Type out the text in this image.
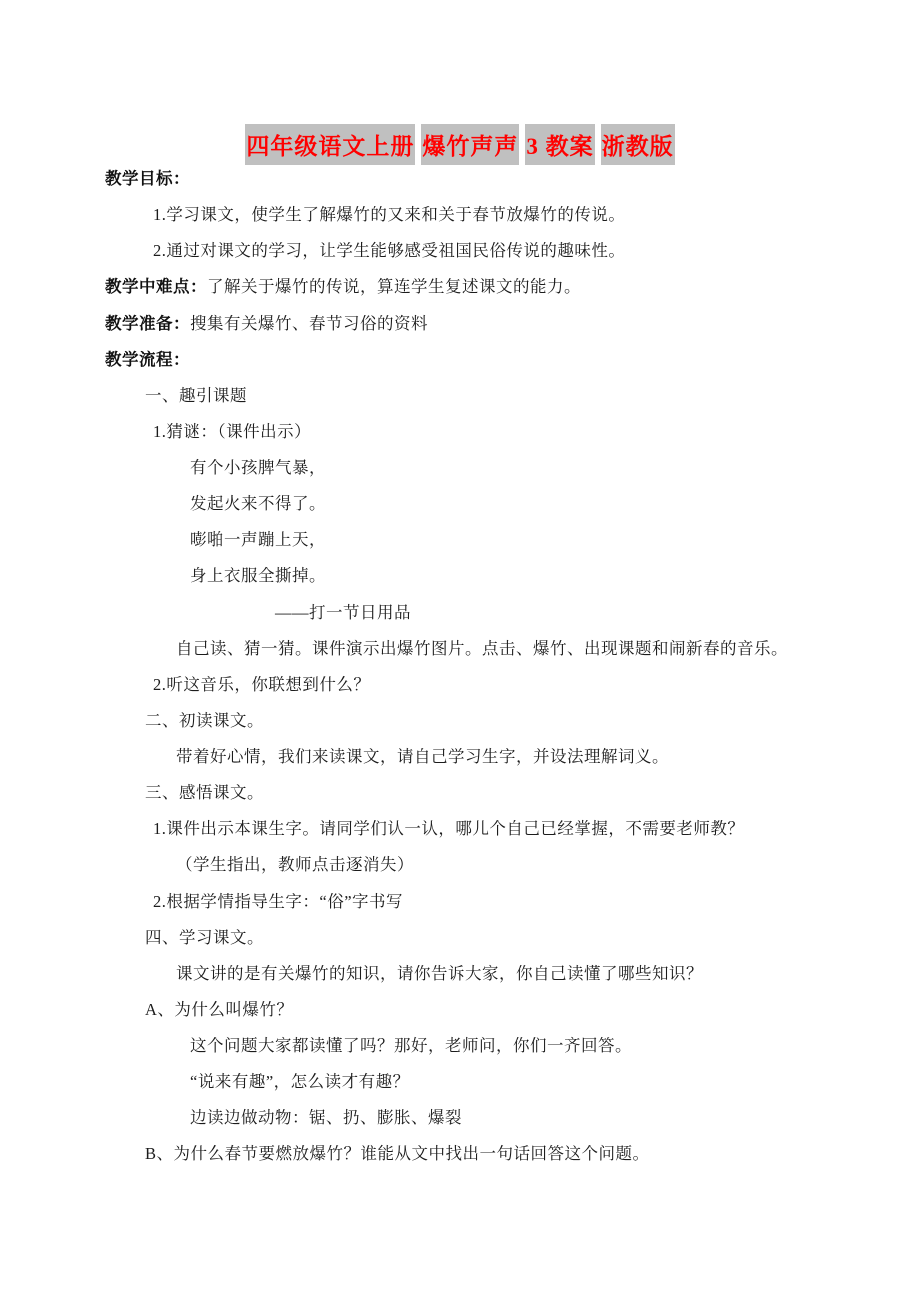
四年级语文上册 爆竹声声 3 教案 浙教版
教学目标：
1.学习课文，使学生了解爆竹的又来和关于春节放爆竹的传说。
2.通过对课文的学习，让学生能够感受祖国民俗传说的趣味性。
教学中难点：了解关于爆竹的传说，算连学生复述课文的能力。
教学准备：搜集有关爆竹、春节习俗的资料
教学流程：
一、趣引课题
1.猜谜：（课件出示）
有个小孩脾气暴，
发起火来不得了。
嘭啪一声蹦上天，
身上衣服全撕掉。
——打一节日用品
自己读、猜一猜。课件演示出爆竹图片。点击、爆竹、出现课题和闹新春的音乐。
2.听这音乐，你联想到什么？
二、初读课文。
带着好心情，我们来读课文，请自己学习生字，并设法理解词义。
三、感悟课文。
1.课件出示本课生字。请同学们认一认，哪儿个自己已经掌握，不需要老师教？
（学生指出，教师点击逐消失）
2.根据学情指导生字：“俗”字书写
四、学习课文。
课文讲的是有关爆竹的知识，请你告诉大家，你自己读懂了哪些知识？
A、为什么叫爆竹？
这个问题大家都读懂了吗？那好，老师问，你们一齐回答。
“说来有趣”，怎么读才有趣？
边读边做动物：锯、扔、膨胀、爆裂
B、为什么春节要燃放爆竹？谁能从文中找出一句话回答这个问题。
